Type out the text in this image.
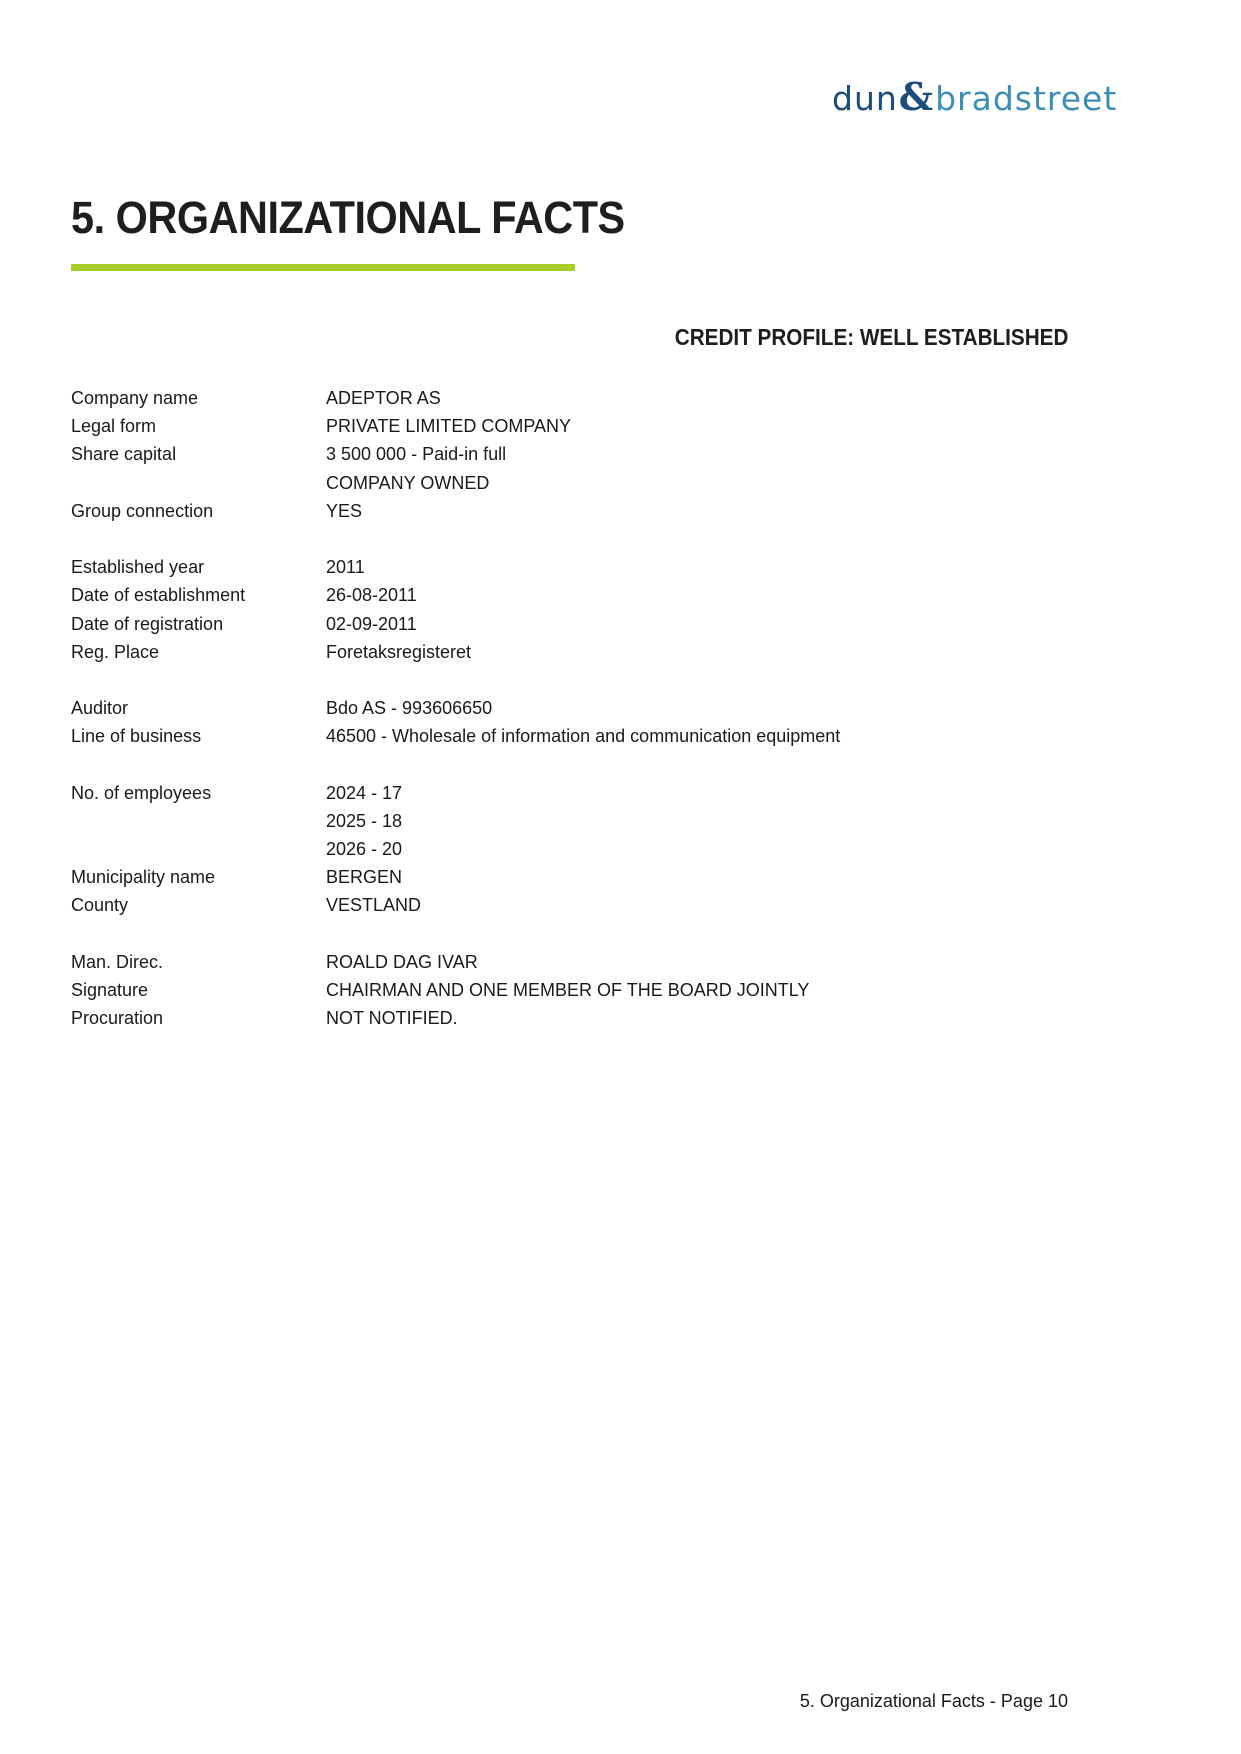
dun&bradstreet
5. ORGANIZATIONAL FACTS
CREDIT PROFILE: WELL ESTABLISHED
Company name	ADEPTOR AS
Legal form	PRIVATE LIMITED COMPANY
Share capital	3 500 000 - Paid-in full
COMPANY OWNED
Group connection	YES
Established year	2011
Date of establishment	26-08-2011
Date of registration	02-09-2011
Reg. Place	Foretaksregisteret
Auditor	Bdo AS - 993606650
Line of business	46500 - Wholesale of information and communication equipment
No. of employees	2024 - 17
2025 - 18
2026 - 20
Municipality name	BERGEN
County	VESTLAND
Man. Direc.	ROALD DAG IVAR
Signature	CHAIRMAN AND ONE MEMBER OF THE BOARD JOINTLY
Procuration	NOT NOTIFIED.
5. Organizational Facts - Page 10
